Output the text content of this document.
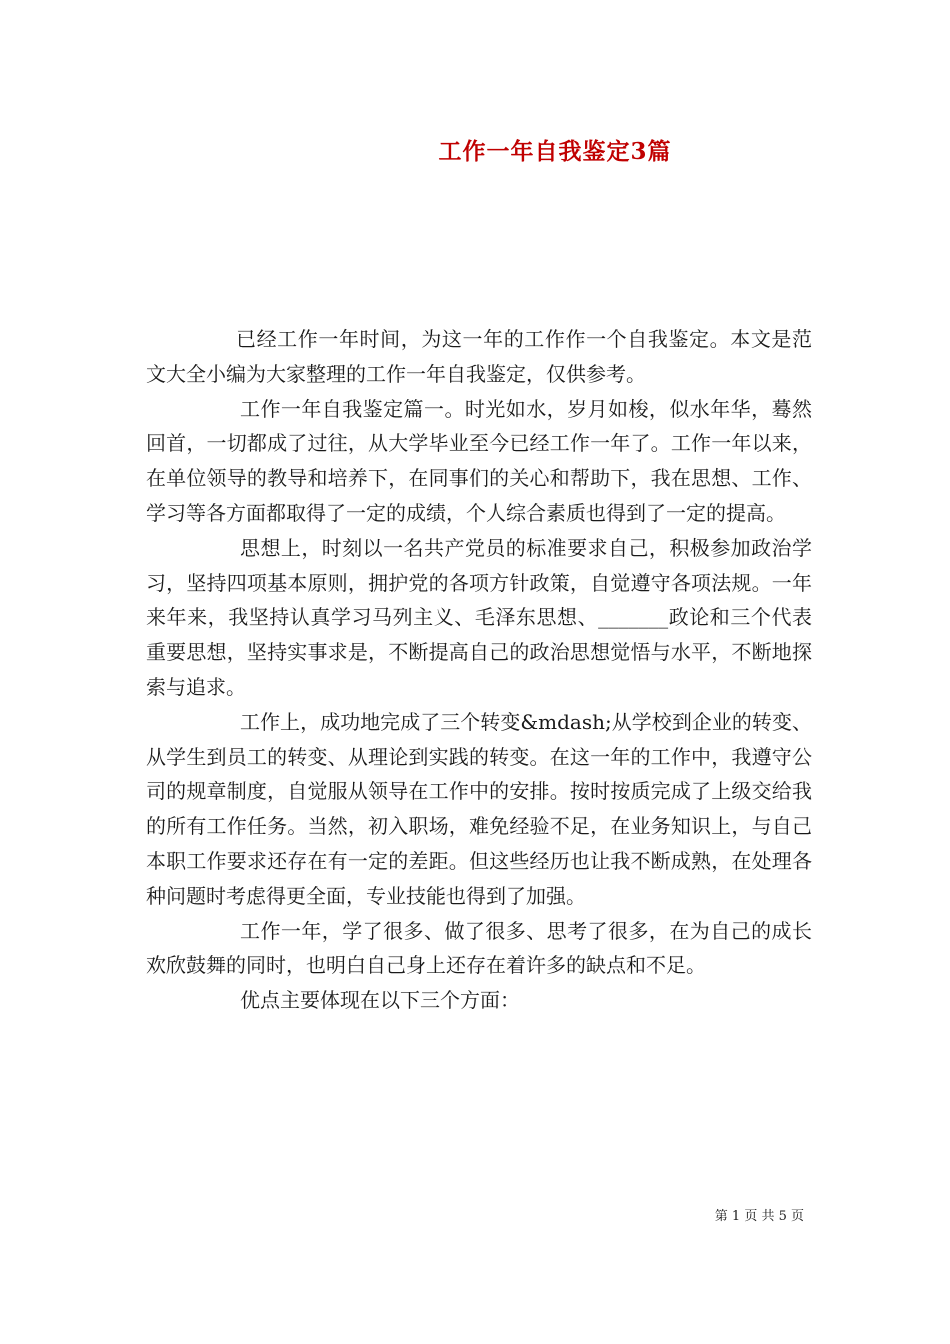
工作一年自我鉴定3篇

已经工作一年时间，为这一年的工作作一个自我鉴定。本文是范文大全小编为大家整理的工作一年自我鉴定，仅供参考。

工作一年自我鉴定篇一。时光如水，岁月如梭，似水年华，蓦然回首，一切都成了过往，从大学毕业至今已经工作一年了。工作一年以来，在单位领导的教导和培养下，在同事们的关心和帮助下，我在思想、工作、学习等各方面都取得了一定的成绩，个人综合素质也得到了一定的提高。

思想上，时刻以一名共产党员的标准要求自己，积极参加政治学习，坚持四项基本原则，拥护党的各项方针政策，自觉遵守各项法规。一年来年来，我坚持认真学习马列主义、毛泽东思想、_______政论和三个代表重要思想，坚持实事求是，不断提高自己的政治思想觉悟与水平，不断地探索与追求。

工作上，成功地完成了三个转变&mdash;从学校到企业的转变、从学生到员工的转变、从理论到实践的转变。在这一年的工作中，我遵守公司的规章制度，自觉服从领导在工作中的安排。按时按质完成了上级交给我的所有工作任务。当然，初入职场，难免经验不足，在业务知识上，与自己本职工作要求还存在有一定的差距。但这些经历也让我不断成熟，在处理各种问题时考虑得更全面，专业技能也得到了加强。

工作一年，学了很多、做了很多、思考了很多，在为自己的成长欢欣鼓舞的同时，也明白自己身上还存在着许多的缺点和不足。

优点主要体现在以下三个方面：

第 1 页 共 5 页
